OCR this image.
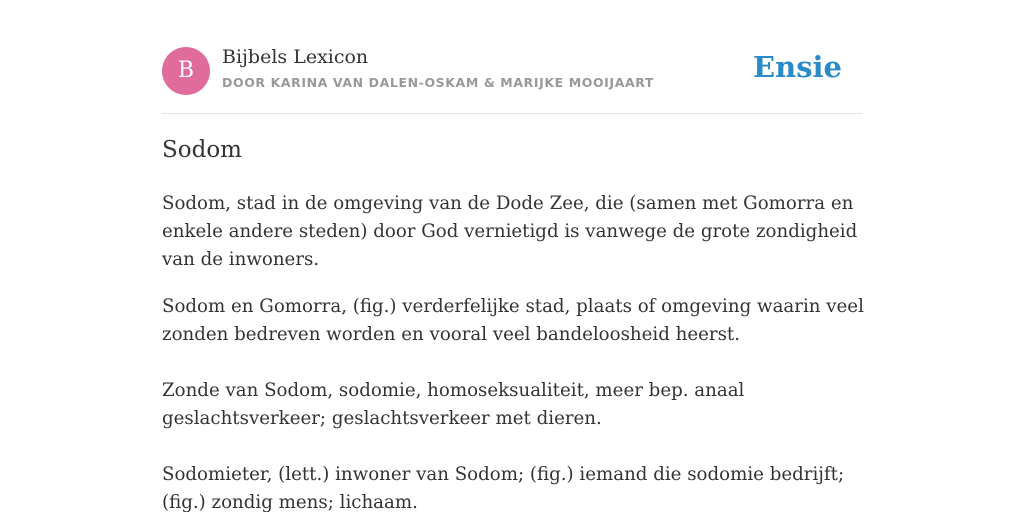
B
Bijbels Lexicon
DOOR KARINA VAN DALEN-OSKAM & MARIJKE MOOIJAART	Ensie
Sodom

Sodom, stad in de omgeving van de Dode Zee, die (samen met Gomorra en enkele andere steden) door God vernietigd is vanwege de grote zondigheid van de inwoners.

Sodom en Gomorra, (fig.) verderfelijke stad, plaats of omgeving waarin veel zonden bedreven worden en vooral veel bandeloosheid heerst.

Zonde van Sodom, sodomie, homoseksualiteit, meer bep. anaal geslachtsverkeer; geslachtsverkeer met dieren.

Sodomieter, (lett.) inwoner van Sodom; (fig.) iemand die sodomie bedrijft; (fig.) zondig mens; lichaam.
